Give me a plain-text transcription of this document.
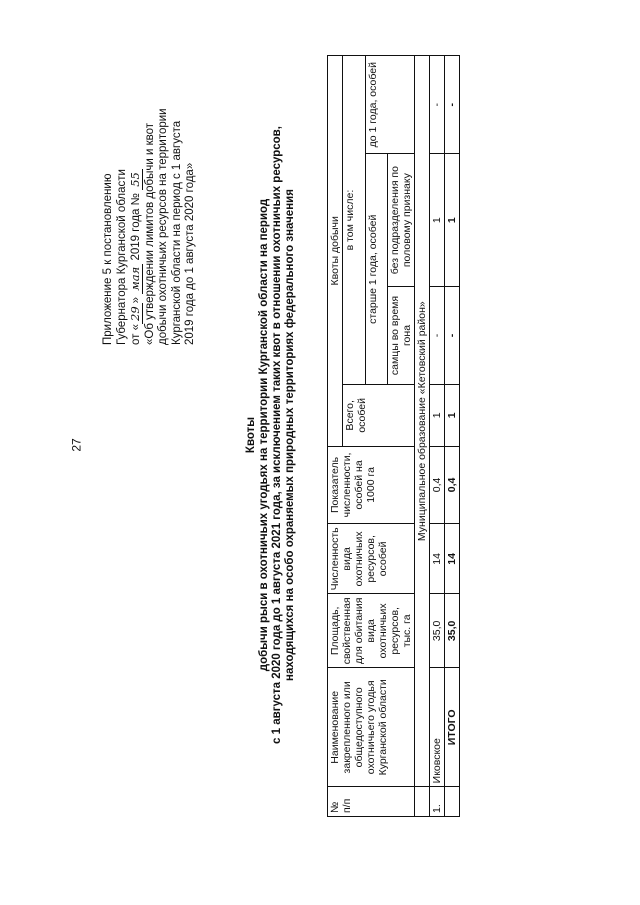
27
Приложение 5 к постановлению Губернатора Курганской области от «29» мая 2019 года № 55 «Об утверждении лимитов добычи и квот добычи охотничьих ресурсов на территории Курганской области на период с 1 августа 2019 года до 1 августа 2020 года»
Квоты добычи рыси в охотничьих угодьях на территории Курганской области на период с 1 августа 2020 года до 1 августа 2021 года, за исключением таких квот в отношении охотничьих ресурсов, находящихся на особо охраняемых природных территориях федерального значения
№ п/п	Наименование закрепленного или общедоступного охотничьего угодья Курганской области	Площадь, свойственная для обитания вида охотничьих ресурсов, тыс. га	Численность вида охотничьих ресурсов, особей	Показатель численности, особей на 1000 га	Квоты добычи			
					Всего, особей	в том числе:		
						старше 1 года, особей		до 1 года, особей
						самцы во время гона	без подразделения по половому признаку	
	Муниципальное образование «Кетовский район»							
1.	Иковское	35,0	14	0,4	1	-	1	-
	ИТОГО	35,0	14	0,4	1	-	1	-
